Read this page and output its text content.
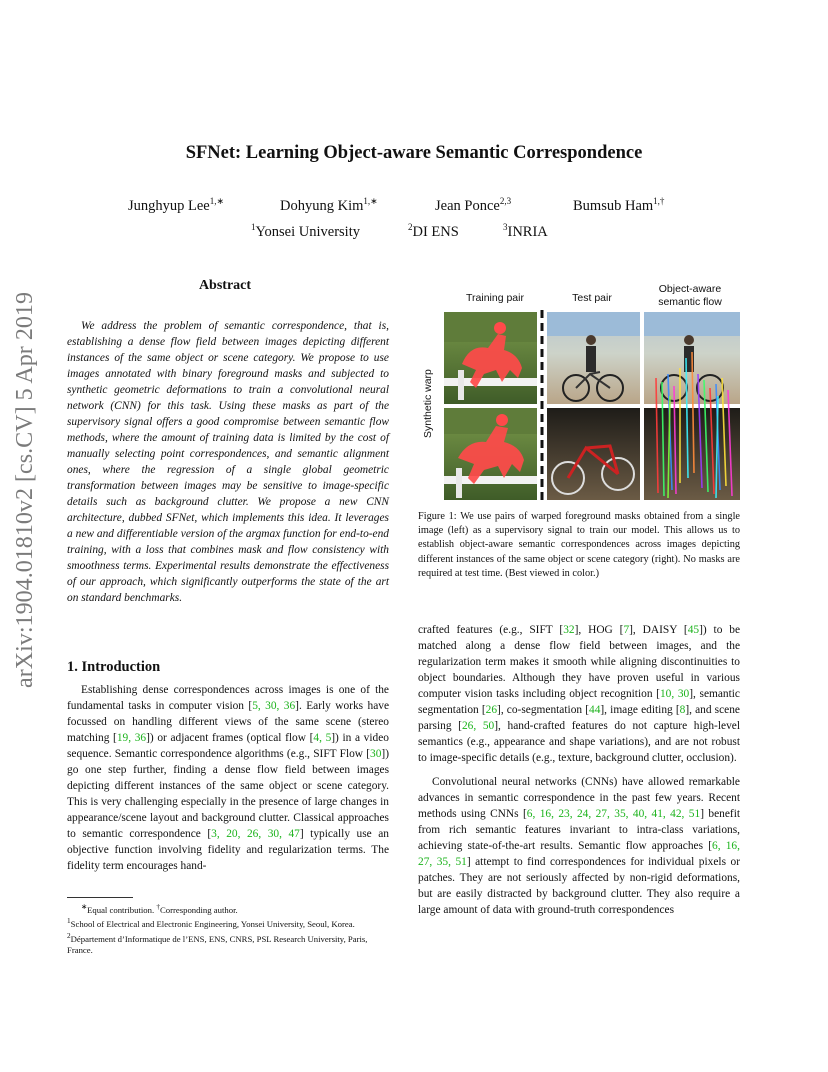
SFNet: Learning Object-aware Semantic Correspondence
Junghyup Lee$^{1,∗}$	Dohyung Kim$^{1,∗}$	Jean Ponce$^{2,3}$	Bumsub Ham$^{1,\dagger}$
$^1$Yonsei University	$^2$DI ENS	$^3$INRIA
arXiv:1904.01810v2 [cs.CV] 5 Apr 2019
Abstract
We address the problem of semantic correspondence, that is, establishing a dense flow field between images depicting different instances of the same object or scene category. We propose to use images annotated with binary foreground masks and subjected to synthetic geometric deformations to train a convolutional neural network (CNN) for this task. Using these masks as part of the supervisory signal offers a good compromise between semantic flow methods, where the amount of training data is limited by the cost of manually selecting point correspondences, and semantic alignment ones, where the regression of a single global geometric transformation between images may be sensitive to image-specific details such as background clutter. We propose a new CNN architecture, dubbed SFNet, which implements this idea. It leverages a new and differentiable version of the argmax function for end-to-end training, with a loss that combines mask and flow consistency with smoothness terms. Experimental results demonstrate the effectiveness of our approach, which significantly outperforms the state of the art on standard benchmarks.
1. Introduction
Establishing dense correspondences across images is one of the fundamental tasks in computer vision [5, 30, 36]. Early works have focussed on handling different views of the same scene (stereo matching [19, 36]) or adjacent frames (optical flow [4, 5]) in a video sequence. Semantic correspondence algorithms (e.g., SIFT Flow [30]) go one step further, finding a dense flow field between images depicting different instances of the same object or scene category. This is very challenging especially in the presence of large changes in appearance/scene layout and background clutter. Classical approaches to semantic correspondence [3, 20, 26, 30, 47] typically use an objective function involving fidelity and regularization terms. The fidelity term encourages hand-

∗Equal contribution. †Corresponding author.

$^1$School of Electrical and Electronic Engineering, Yonsei University, Seoul, Korea.

$^2$Département d’Informatique de l’ENS, ENS, CNRS, PSL Research University, Paris, France.

Training pair	Test pair
Object-aware
semantic flow
Synthetic warp
Figure 1: We use pairs of warped foreground masks obtained from a single image (left) as a supervisory signal to train our model. This allows us to establish object-aware semantic correspondences across images depicting different instances of the same object or scene category (right). No masks are required at test time. (Best viewed in color.)

crafted features (e.g., SIFT [32], HOG [7], DAISY [45]) to be matched along a dense flow field between images, and the regularization term makes it smooth while aligning discontinuities to object boundaries. Although they have proven useful in various computer vision tasks including object recognition [10, 30], semantic segmentation [26], co-segmentation [44], image editing [8], and scene parsing [26, 50], hand-crafted features do not capture high-level semantics (e.g., appearance and shape variations), and are not robust to image-specific details (e.g., texture, background clutter, occlusion).

Convolutional neural networks (CNNs) have allowed remarkable advances in semantic correspondence in the past few years. Recent methods using CNNs [6, 16, 23, 24, 27, 35, 40, 41, 42, 51] benefit from rich semantic features invariant to intra-class variations, achieving state-of-the-art results. Semantic flow approaches [6, 16, 27, 35, 51] attempt to find correspondences for individual pixels or patches. They are not seriously affected by non-rigid deformations, but are easily distracted by background clutter. They also require a large amount of data with ground-truth correspondences
